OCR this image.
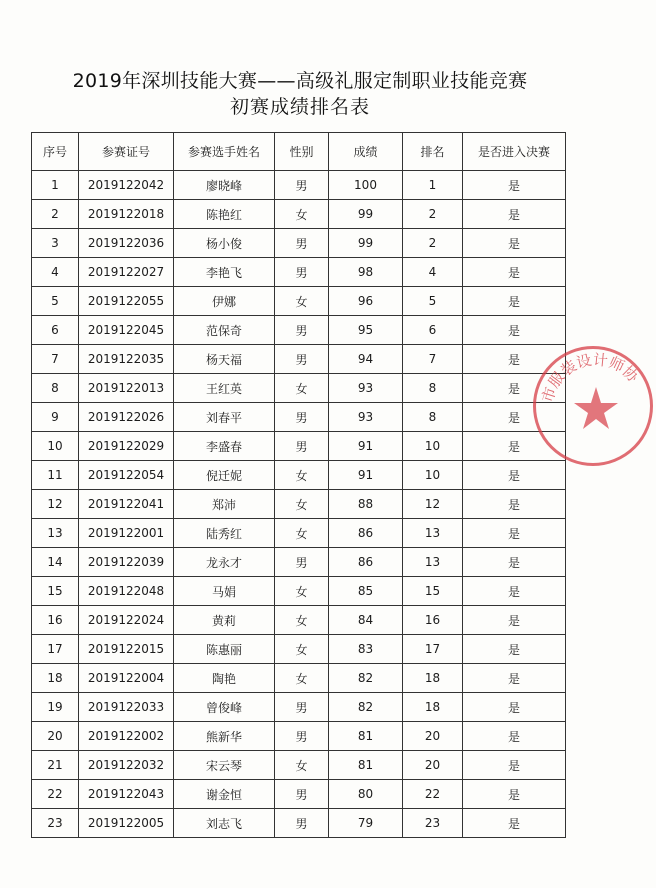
2019年深圳技能大赛——高级礼服定制职业技能竞赛
初赛成绩排名表
序号	参赛证号	参赛选手姓名	性别	成绩	排名	是否进入决赛
1	2019122042	廖晓峰	男	100	1	是
2	2019122018	陈艳红	女	99	2	是
3	2019122036	杨小俊	男	99	2	是
4	2019122027	李艳飞	男	98	4	是
5	2019122055	伊娜	女	96	5	是
6	2019122045	范保奇	男	95	6	是
7	2019122035	杨天福	男	94	7	是
8	2019122013	王红英	女	93	8	是
9	2019122026	刘春平	男	93	8	是
10	2019122029	李盛春	男	91	10	是
11	2019122054	倪迁妮	女	91	10	是
12	2019122041	郑沛	女	88	12	是
13	2019122001	陆秀红	女	86	13	是
14	2019122039	龙永才	男	86	13	是
15	2019122048	马娟	女	85	15	是
16	2019122024	黄莉	女	84	16	是
17	2019122015	陈惠丽	女	83	17	是
18	2019122004	陶艳	女	82	18	是
19	2019122033	曾俊峰	男	82	18	是
20	2019122002	熊新华	男	81	20	是
21	2019122032	宋云琴	女	81	20	是
22	2019122043	谢金恒	男	80	22	是
23	2019122005	刘志飞	男	79	23	是
市服装设计师协
